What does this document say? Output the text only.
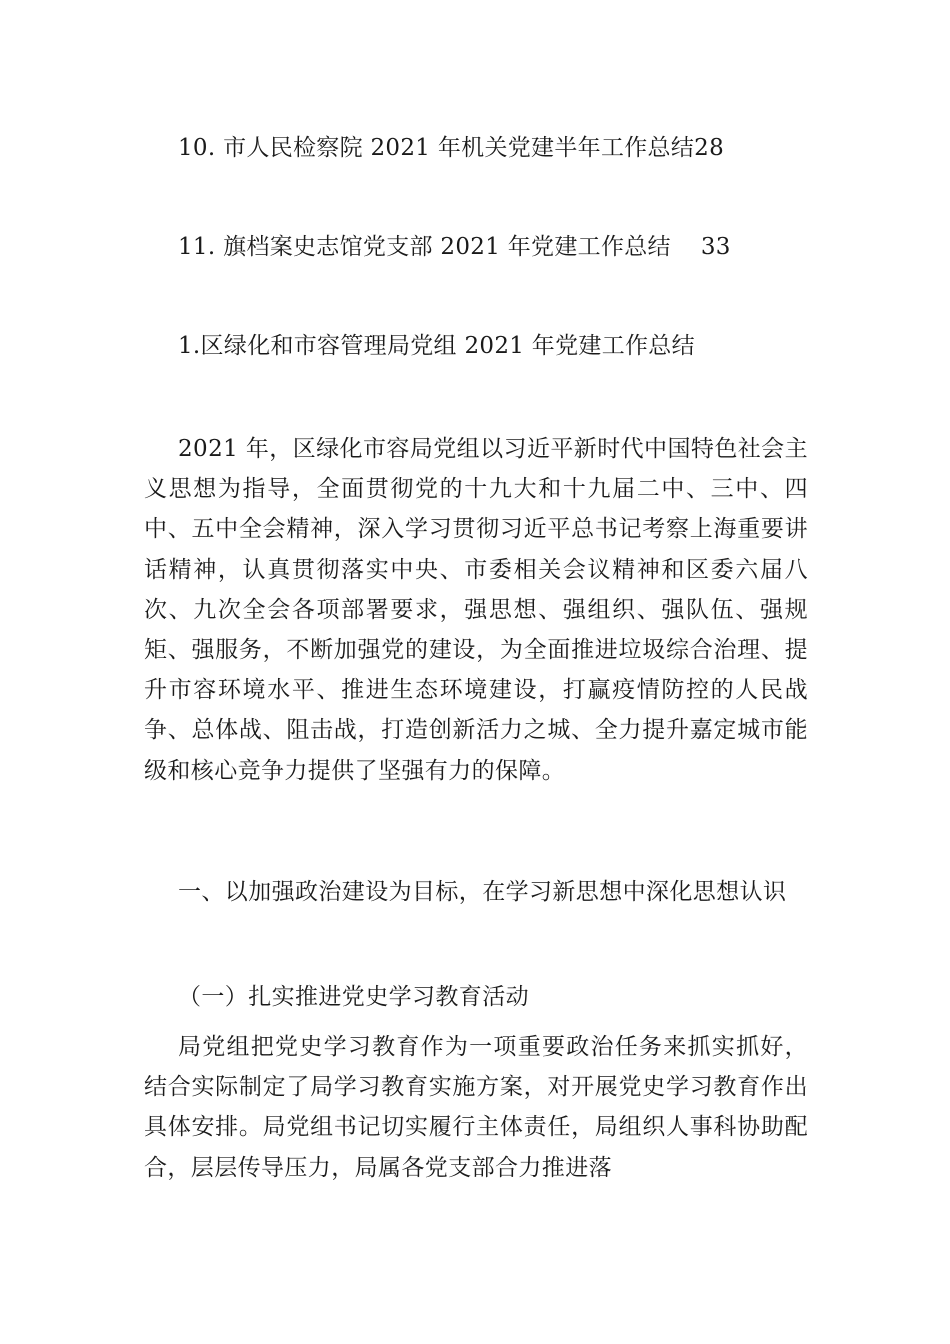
10. 市人民检察院 2021 年机关党建半年工作总结28
11. 旗档案史志馆党支部 2021 年党建工作总结 33
1.区绿化和市容管理局党组 2021 年党建工作总结

2021 年，区绿化市容局党组以习近平新时代中国特色社会主义思想为指导，全面贯彻党的十九大和十九届二中、三中、四中、五中全会精神，深入学习贯彻习近平总书记考察上海重要讲话精神，认真贯彻落实中央、市委相关会议精神和区委六届八次、九次全会各项部署要求，强思想、强组织、强队伍、强规矩、强服务，不断加强党的建设，为全面推进垃圾综合治理、提升市容环境水平、推进生态环境建设，打赢疫情防控的人民战争、总体战、阻击战，打造创新活力之城、全力提升嘉定城市能级和核心竞争力提供了坚强有力的保障。

一、以加强政治建设为目标，在学习新思想中深化思想认识

（一）扎实推进党史学习教育活动

局党组把党史学习教育作为一项重要政治任务来抓实抓好，结合实际制定了局学习教育实施方案，对开展党史学习教育作出具体安排。局党组书记切实履行主体责任，局组织人事科协助配合，层层传导压力，局属各党支部合力推进落
